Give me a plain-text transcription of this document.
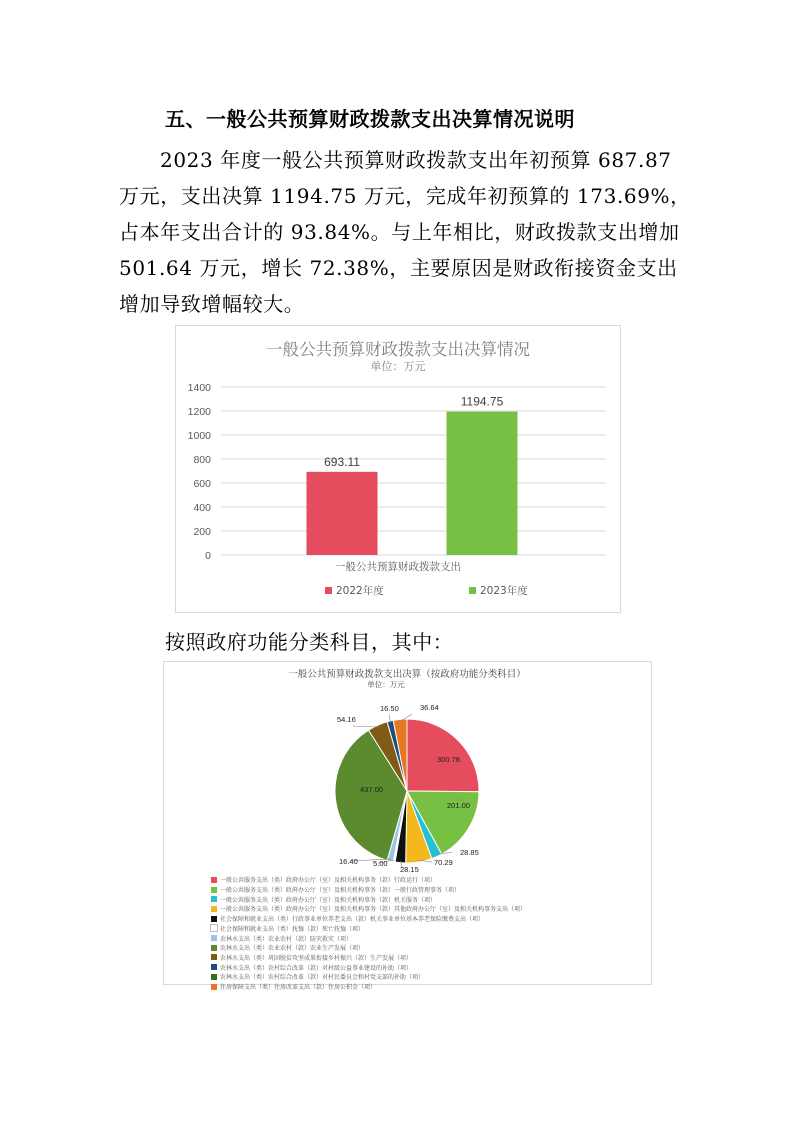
五、一般公共预算财政拨款支出决算情况说明

2023 年度一般公共预算财政拨款支出年初预算 687.87
万元，支出决算 1194.75 万元，完成年初预算的 173.69%，
占本年支出合计的 93.84%。与上年相比，财政拨款支出增加
501.64 万元，增长 72.38%，主要原因是财政衔接资金支出
增加导致增幅较大。

0
200
400
600
800
1000
1200
1400
693.11
1194.75
一般公共预算财政拨款支出决算情况
单位：万元
一般公共预算财政拨款支出
2022年度	2023年度

按照政府功能分类科目，其中：

一般公共预算财政拨款支出决算（按政府功能分类科目）
单位：万元
300.78
201.00
28.85
70.29
28.15
5.00
16.40
437.00
54.16
16.50	36.64
一般公共服务支出（类）政府办公厅（室）及相关机构事务（款）行政运行（项）
一般公共服务支出（类）政府办公厅（室）及相关机构事务（款）一般行政管理事务（项）
一般公共服务支出（类）政府办公厅（室）及相关机构事务（款）机关服务（项）
一般公共服务支出（类）政府办公厅（室）及相关机构事务（款）其他政府办公厅（室）及相关机构事务支出（项）
社会保障和就业支出（类）行政事业单位养老支出（款）机关事业单位基本养老保险缴费支出（项）
社会保障和就业支出（类）抚恤（款）死亡抚恤（项）
农林水支出（类）农业农村（款）防灾救灾（项）
农林水支出（类）农业农村（款）农业生产发展（项）
农林水支出（类）巩固脱贫攻坚成果衔接乡村振兴（款）生产发展（项）
农林水支出（类）农村综合改革（款）对村级公益事业建设的补助（项）
农林水支出（类）农村综合改革（款）对村民委员会和村党支部的补助（项）
住房保障支出（类）住房改革支出（款）住房公积金（项）
